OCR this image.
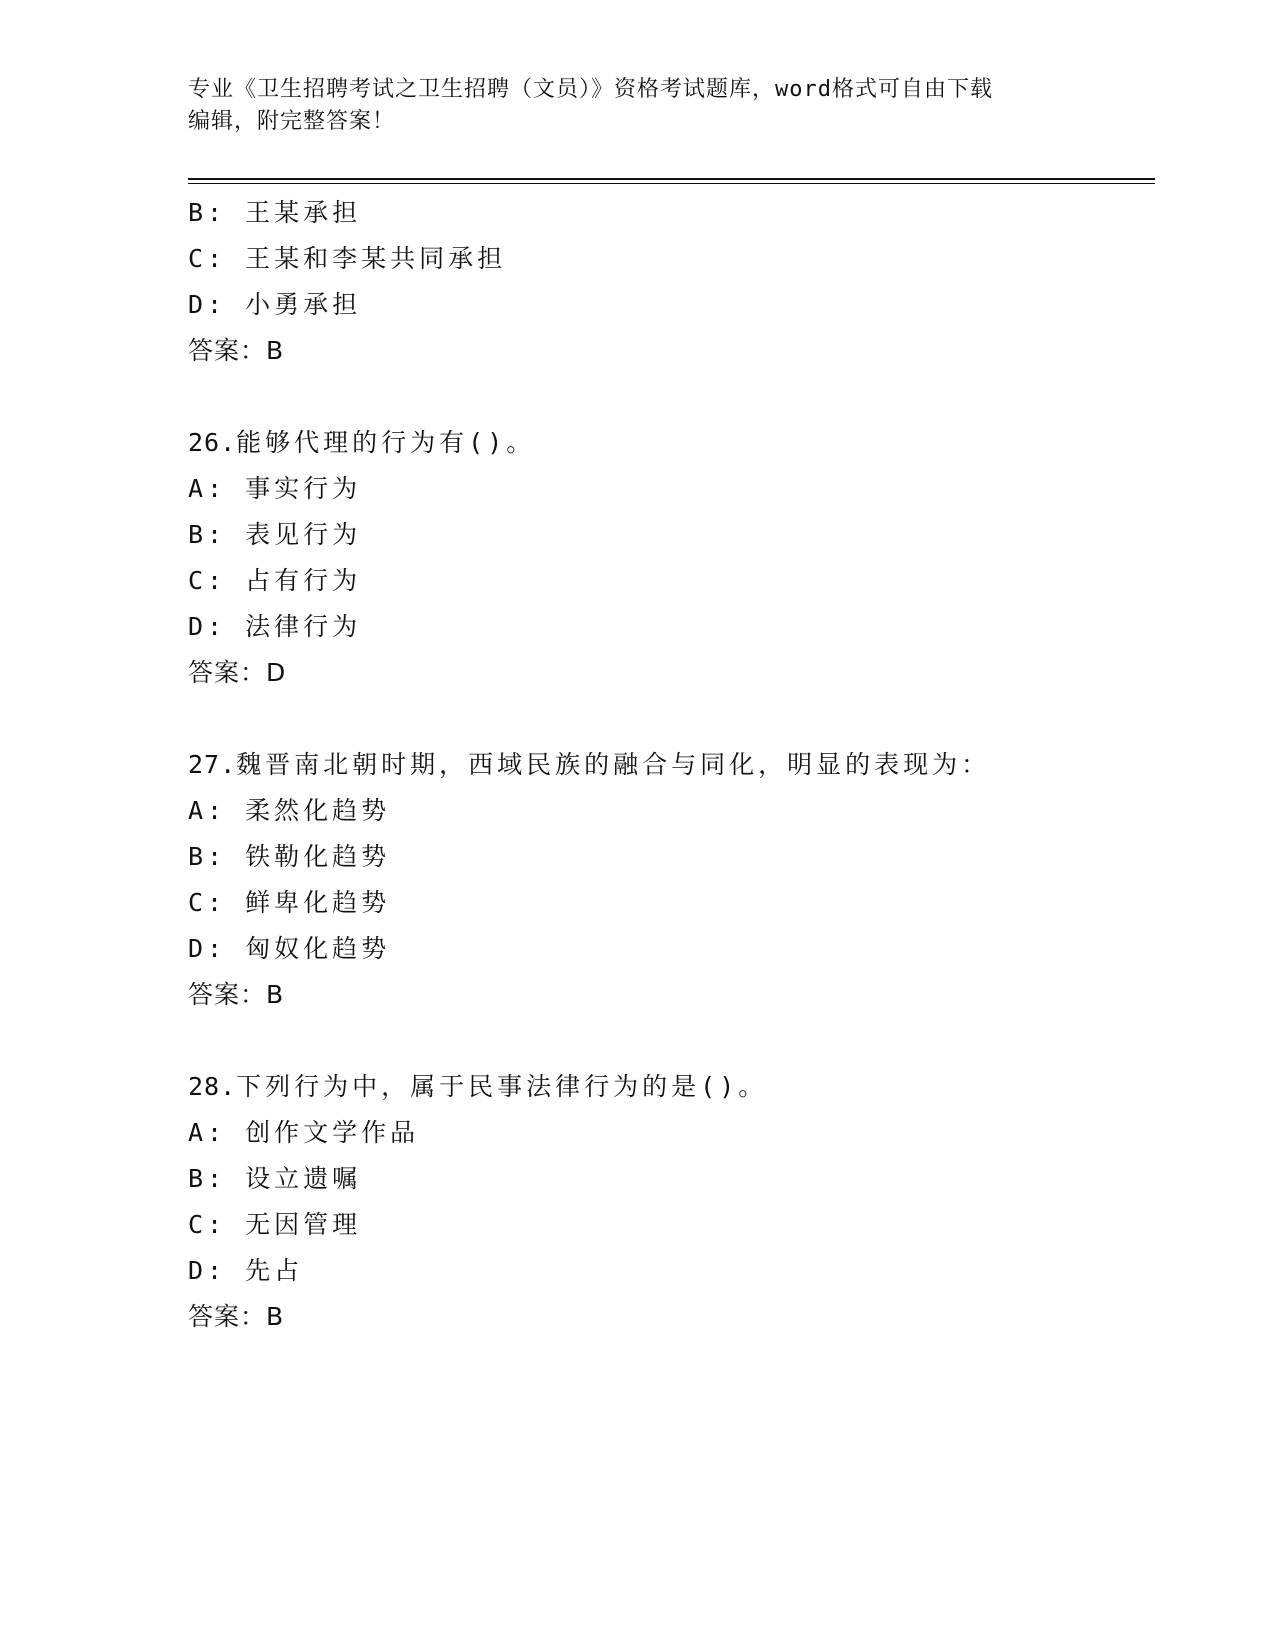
专业《卫生招聘考试之卫生招聘（文员）》资格考试题库，word格式可自由下载
编辑，附完整答案！
B: 王某承担
C: 王某和李某共同承担
D: 小勇承担
答案：B
26.能够代理的行为有()。
A: 事实行为
B: 表见行为
C: 占有行为
D: 法律行为
答案：D
27.魏晋南北朝时期，西域民族的融合与同化，明显的表现为：
A: 柔然化趋势
B: 铁勒化趋势
C: 鲜卑化趋势
D: 匈奴化趋势
答案：B
28.下列行为中，属于民事法律行为的是()。
A: 创作文学作品
B: 设立遗嘱
C: 无因管理
D: 先占
答案：B
